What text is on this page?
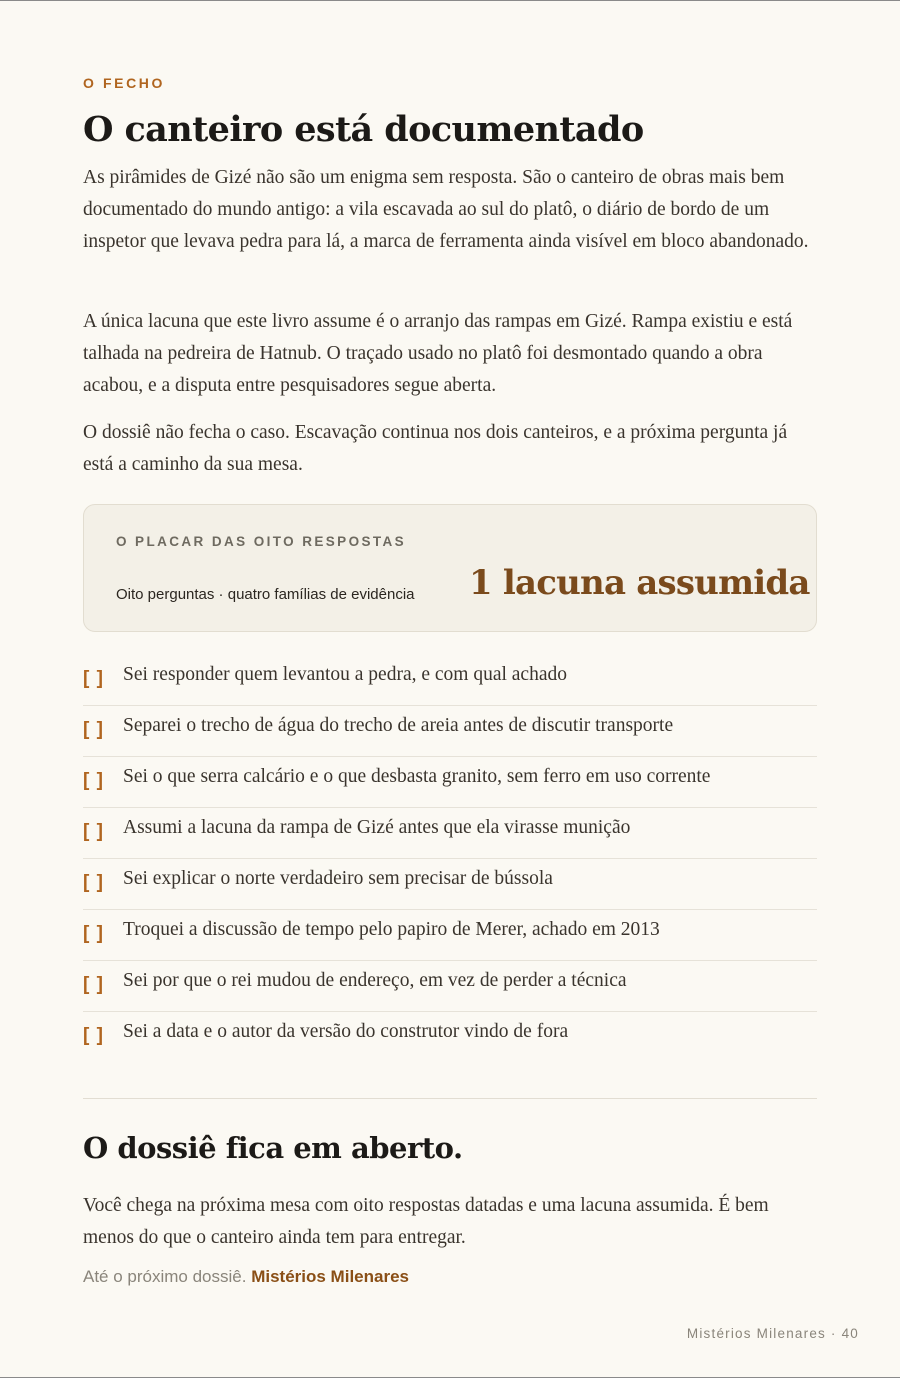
O FECHO
O canteiro está documentado

As pirâmides de Gizé não são um enigma sem resposta. São o canteiro de obras mais bem documentado do mundo antigo: a vila escavada ao sul do platô, o diário de bordo de um inspetor que levava pedra para lá, a marca de ferramenta ainda visível em bloco abandonado.

A única lacuna que este livro assume é o arranjo das rampas em Gizé. Rampa existiu e está talhada na pedreira de Hatnub. O traçado usado no platô foi desmontado quando a obra acabou, e a disputa entre pesquisadores segue aberta.

O dossiê não fecha o caso. Escavação continua nos dois canteiros, e a próxima pergunta já está a caminho da sua mesa.

O PLACAR DAS OITO RESPOSTAS
Oito perguntas · quatro famílias de evidência 1 lacuna assumida
[ ] Sei responder quem levantou a pedra, e com qual achado
[ ] Separei o trecho de água do trecho de areia antes de discutir transporte
[ ] Sei o que serra calcário e o que desbasta granito, sem ferro em uso corrente
[ ] Assumi a lacuna da rampa de Gizé antes que ela virasse munição
[ ] Sei explicar o norte verdadeiro sem precisar de bússola
[ ] Troquei a discussão de tempo pelo papiro de Merer, achado em 2013
[ ] Sei por que o rei mudou de endereço, em vez de perder a técnica
[ ] Sei a data e o autor da versão do construtor vindo de fora
O dossiê fica em aberto.

Você chega na próxima mesa com oito respostas datadas e uma lacuna assumida. É bem menos do que o canteiro ainda tem para entregar.

Até o próximo dossiê. Mistérios Milenares
Mistérios Milenares · 40
